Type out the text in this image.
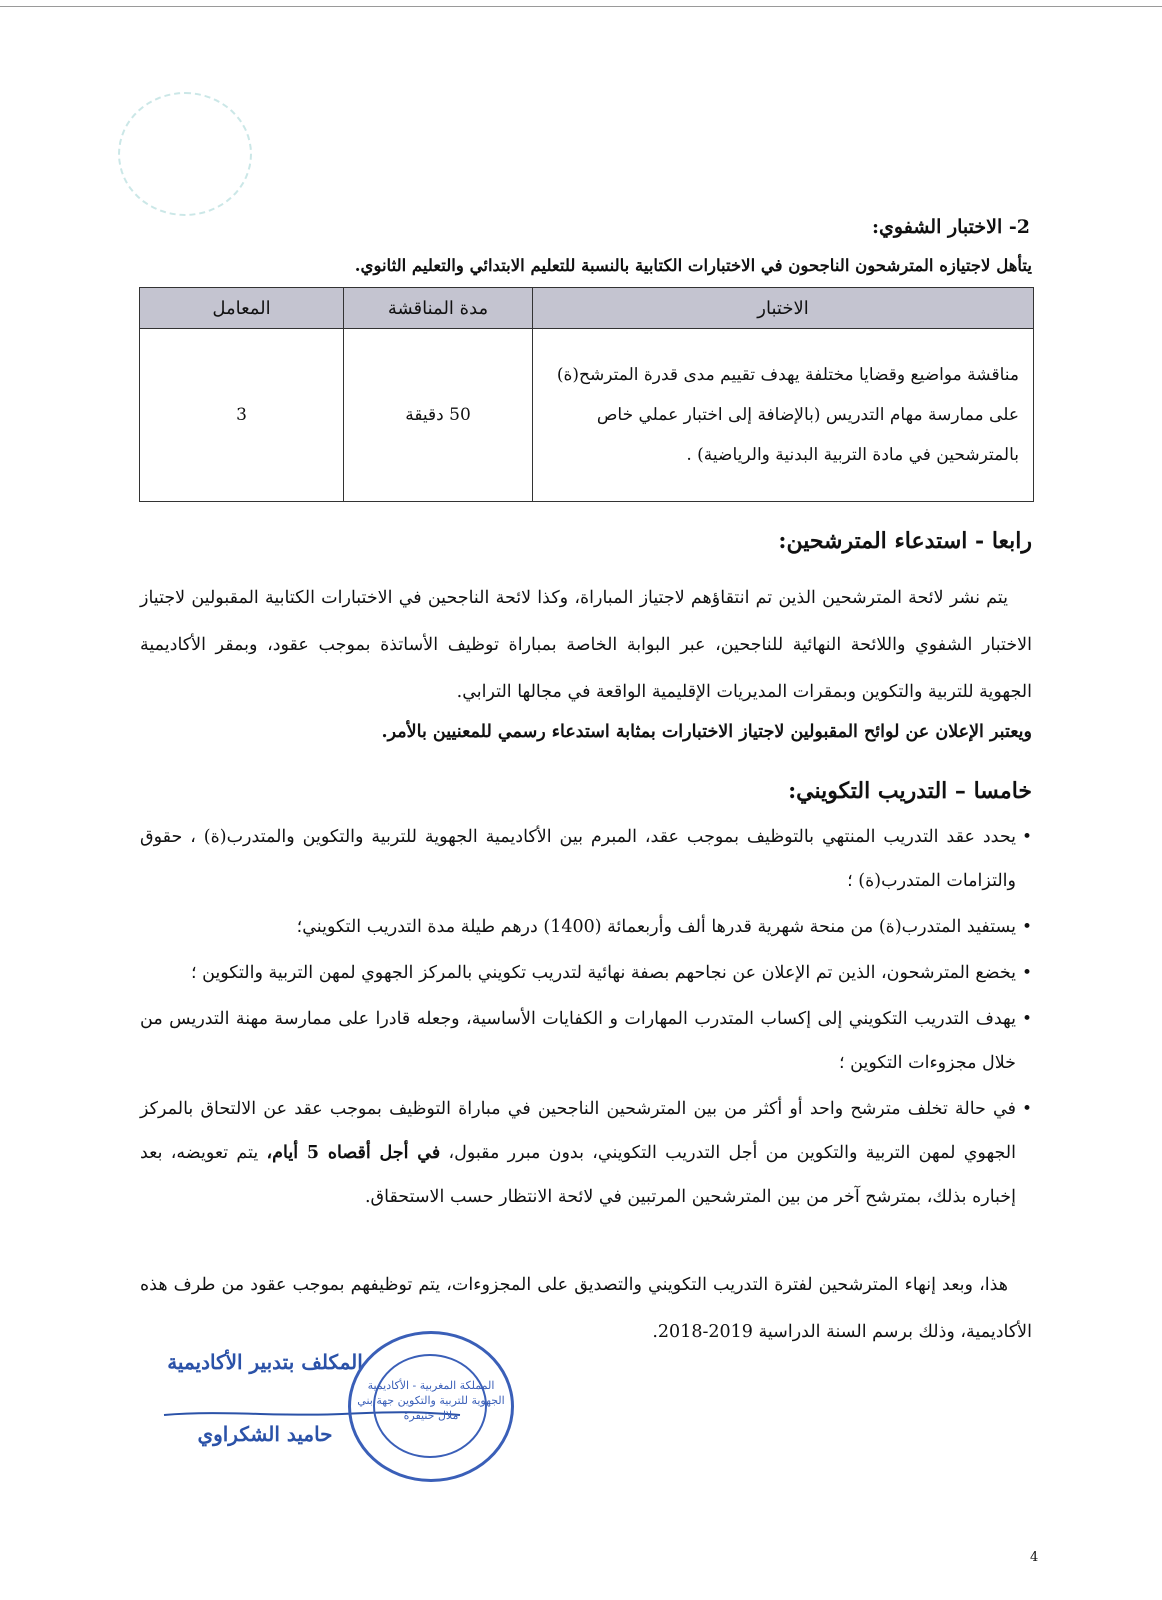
2- الاختبار الشفوي:

يتأهل لاجتيازه المترشحون الناجحون في الاختبارات الكتابية بالنسبة للتعليم الابتدائي والتعليم الثانوي.

الاختبار	مدة المناقشة	المعامل
مناقشة مواضيع وقضايا مختلفة يهدف تقييم مدى قدرة المترشح(ة) على ممارسة مهام التدريس (بالإضافة إلى اختبار عملي خاص بالمترشحين في مادة التربية البدنية والرياضية) .	50 دقيقة	3
رابعا - استدعاء المترشحين:

يتم نشر لائحة المترشحين الذين تم انتقاؤهم لاجتياز المباراة، وكذا لائحة الناجحين في الاختبارات الكتابية المقبولين لاجتياز الاختبار الشفوي واللائحة النهائية للناجحين، عبر البوابة الخاصة بمباراة توظيف الأساتذة بموجب عقود، وبمقر الأكاديمية الجهوية للتربية والتكوين وبمقرات المديريات الإقليمية الواقعة في مجالها الترابي.

ويعتبر الإعلان عن لوائح المقبولين لاجتياز الاختبارات بمثابة استدعاء رسمي للمعنيين بالأمر.

خامسا – التدريب التكويني:
• يحدد عقد التدريب المنتهي بالتوظيف بموجب عقد، المبرم بين الأكاديمية الجهوية للتربية والتكوين والمتدرب(ة) ، حقوق والتزامات المتدرب(ة) ؛
• يستفيد المتدرب(ة) من منحة شهرية قدرها ألف وأربعمائة (1400) درهم طيلة مدة التدريب التكويني؛
• يخضع المترشحون، الذين تم الإعلان عن نجاحهم بصفة نهائية لتدريب تكويني بالمركز الجهوي لمهن التربية والتكوين ؛
• يهدف التدريب التكويني إلى إكساب المتدرب المهارات و الكفايات الأساسية، وجعله قادرا على ممارسة مهنة التدريس من خلال مجزوءات التكوين ؛
• في حالة تخلف مترشح واحد أو أكثر من بين المترشحين الناجحين في مباراة التوظيف بموجب عقد عن الالتحاق بالمركز الجهوي لمهن التربية والتكوين من أجل التدريب التكويني، بدون مبرر مقبول، في أجل أقصاه 5 أيام، يتم تعويضه، بعد إخباره بذلك، بمترشح آخر من بين المترشحين المرتبين في لائحة الانتظار حسب الاستحقاق.

هذا، وبعد إنهاء المترشحين لفترة التدريب التكويني والتصديق على المجزوءات، يتم توظيفهم بموجب عقود من طرف هذه الأكاديمية، وذلك برسم السنة الدراسية 2019-2018.

المكلف بتدبير الأكاديمية
حاميد الشكراوي
المملكة المغربية - الأكاديمية الجهوية للتربية والتكوين جهة بني ملال خنيفرة
4
